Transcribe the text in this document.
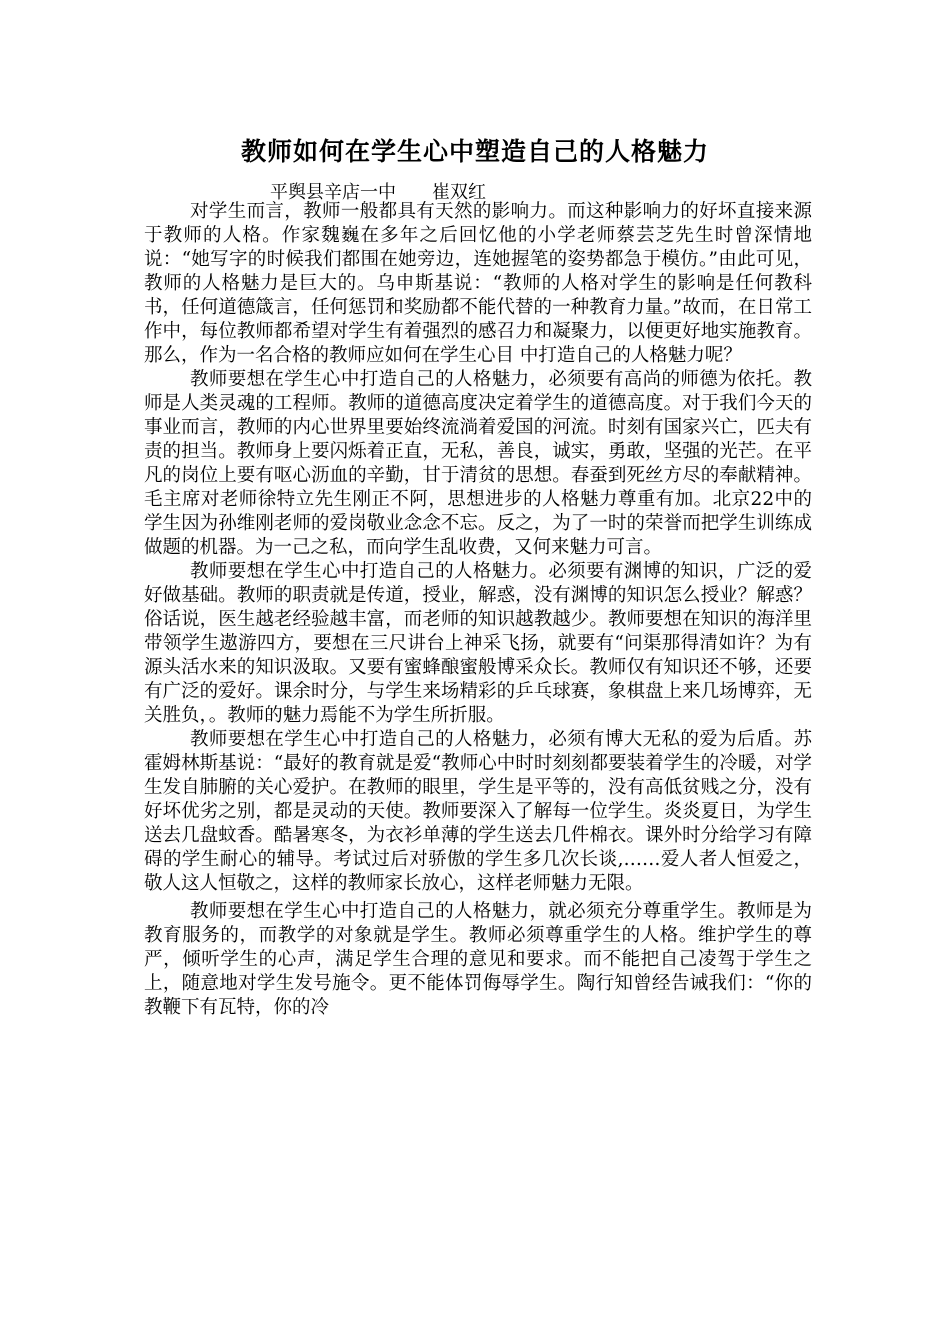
教师如何在学生心中塑造自己的人格魅力
平舆县辛店一中　　崔双红

对学生而言，教师一般都具有天然的影响力。而这种影响力的好坏直接来源于教师的人格。作家魏巍在多年之后回忆他的小学老师蔡芸芝先生时曾深情地说：“她写字的时候我们都围在她旁边，连她握笔的姿势都急于模仿。”由此可见，教师的人格魅力是巨大的。乌申斯基说：“教师的人格对学生的影响是任何教科书，任何道德箴言，任何惩罚和奖励都不能代替的一种教育力量。”故而，在日常工作中，每位教师都希望对学生有着强烈的感召力和凝聚力，以便更好地实施教育。那么，作为一名合格的教师应如何在学生心目 中打造自己的人格魅力呢？

教师要想在学生心中打造自己的人格魅力，必须要有高尚的师德为依托。教师是人类灵魂的工程师。教师的道德高度决定着学生的道德高度。对于我们今天的事业而言，教师的内心世界里要始终流淌着爱国的河流。时刻有国家兴亡，匹夫有责的担当。教师身上要闪烁着正直，无私，善良，诚实，勇敢，坚强的光芒。在平凡的岗位上要有呕心沥血的辛勤，甘于清贫的思想。春蚕到死丝方尽的奉献精神。毛主席对老师徐特立先生刚正不阿，思想进步的人格魅力尊重有加。北京22中的学生因为孙维刚老师的爱岗敬业念念不忘。反之，为了一时的荣誉而把学生训练成做题的机器。为一己之私，而向学生乱收费，又何来魅力可言。

教师要想在学生心中打造自己的人格魅力。必须要有渊博的知识，广泛的爱好做基础。教师的职责就是传道，授业，解惑，没有渊博的知识怎么授业？解惑？俗话说，医生越老经验越丰富，而老师的知识越教越少。教师要想在知识的海洋里带领学生遨游四方，要想在三尺讲台上神采飞扬，就要有“问渠那得清如许？为有源头活水来的知识汲取。又要有蜜蜂酿蜜般博采众长。教师仅有知识还不够，还要有广泛的爱好。课余时分，与学生来场精彩的乒乓球赛，象棋盘上来几场博弈，无关胜负，。教师的魅力焉能不为学生所折服。

教师要想在学生心中打造自己的人格魅力，必须有博大无私的爱为后盾。苏霍姆林斯基说：“最好的教育就是爱“教师心中时时刻刻都要装着学生的冷暖，对学生发自肺腑的关心爱护。在教师的眼里，学生是平等的，没有高低贫贱之分，没有好坏优劣之别，都是灵动的天使。教师要深入了解每一位学生。炎炎夏日，为学生送去几盘蚊香。酷暑寒冬，为衣衫单薄的学生送去几件棉衣。课外时分给学习有障碍的学生耐心的辅导。考试过后对骄傲的学生多几次长谈,……爱人者人恒爱之，敬人这人恒敬之，这样的教师家长放心，这样老师魅力无限。

教师要想在学生心中打造自己的人格魅力，就必须充分尊重学生。教师是为教育服务的，而教学的对象就是学生。教师必须尊重学生的人格。维护学生的尊严，倾听学生的心声，满足学生合理的意见和要求。而不能把自己凌驾于学生之上，随意地对学生发号施令。更不能体罚侮辱学生。陶行知曾经告诫我们：“你的教鞭下有瓦特，你的冷
